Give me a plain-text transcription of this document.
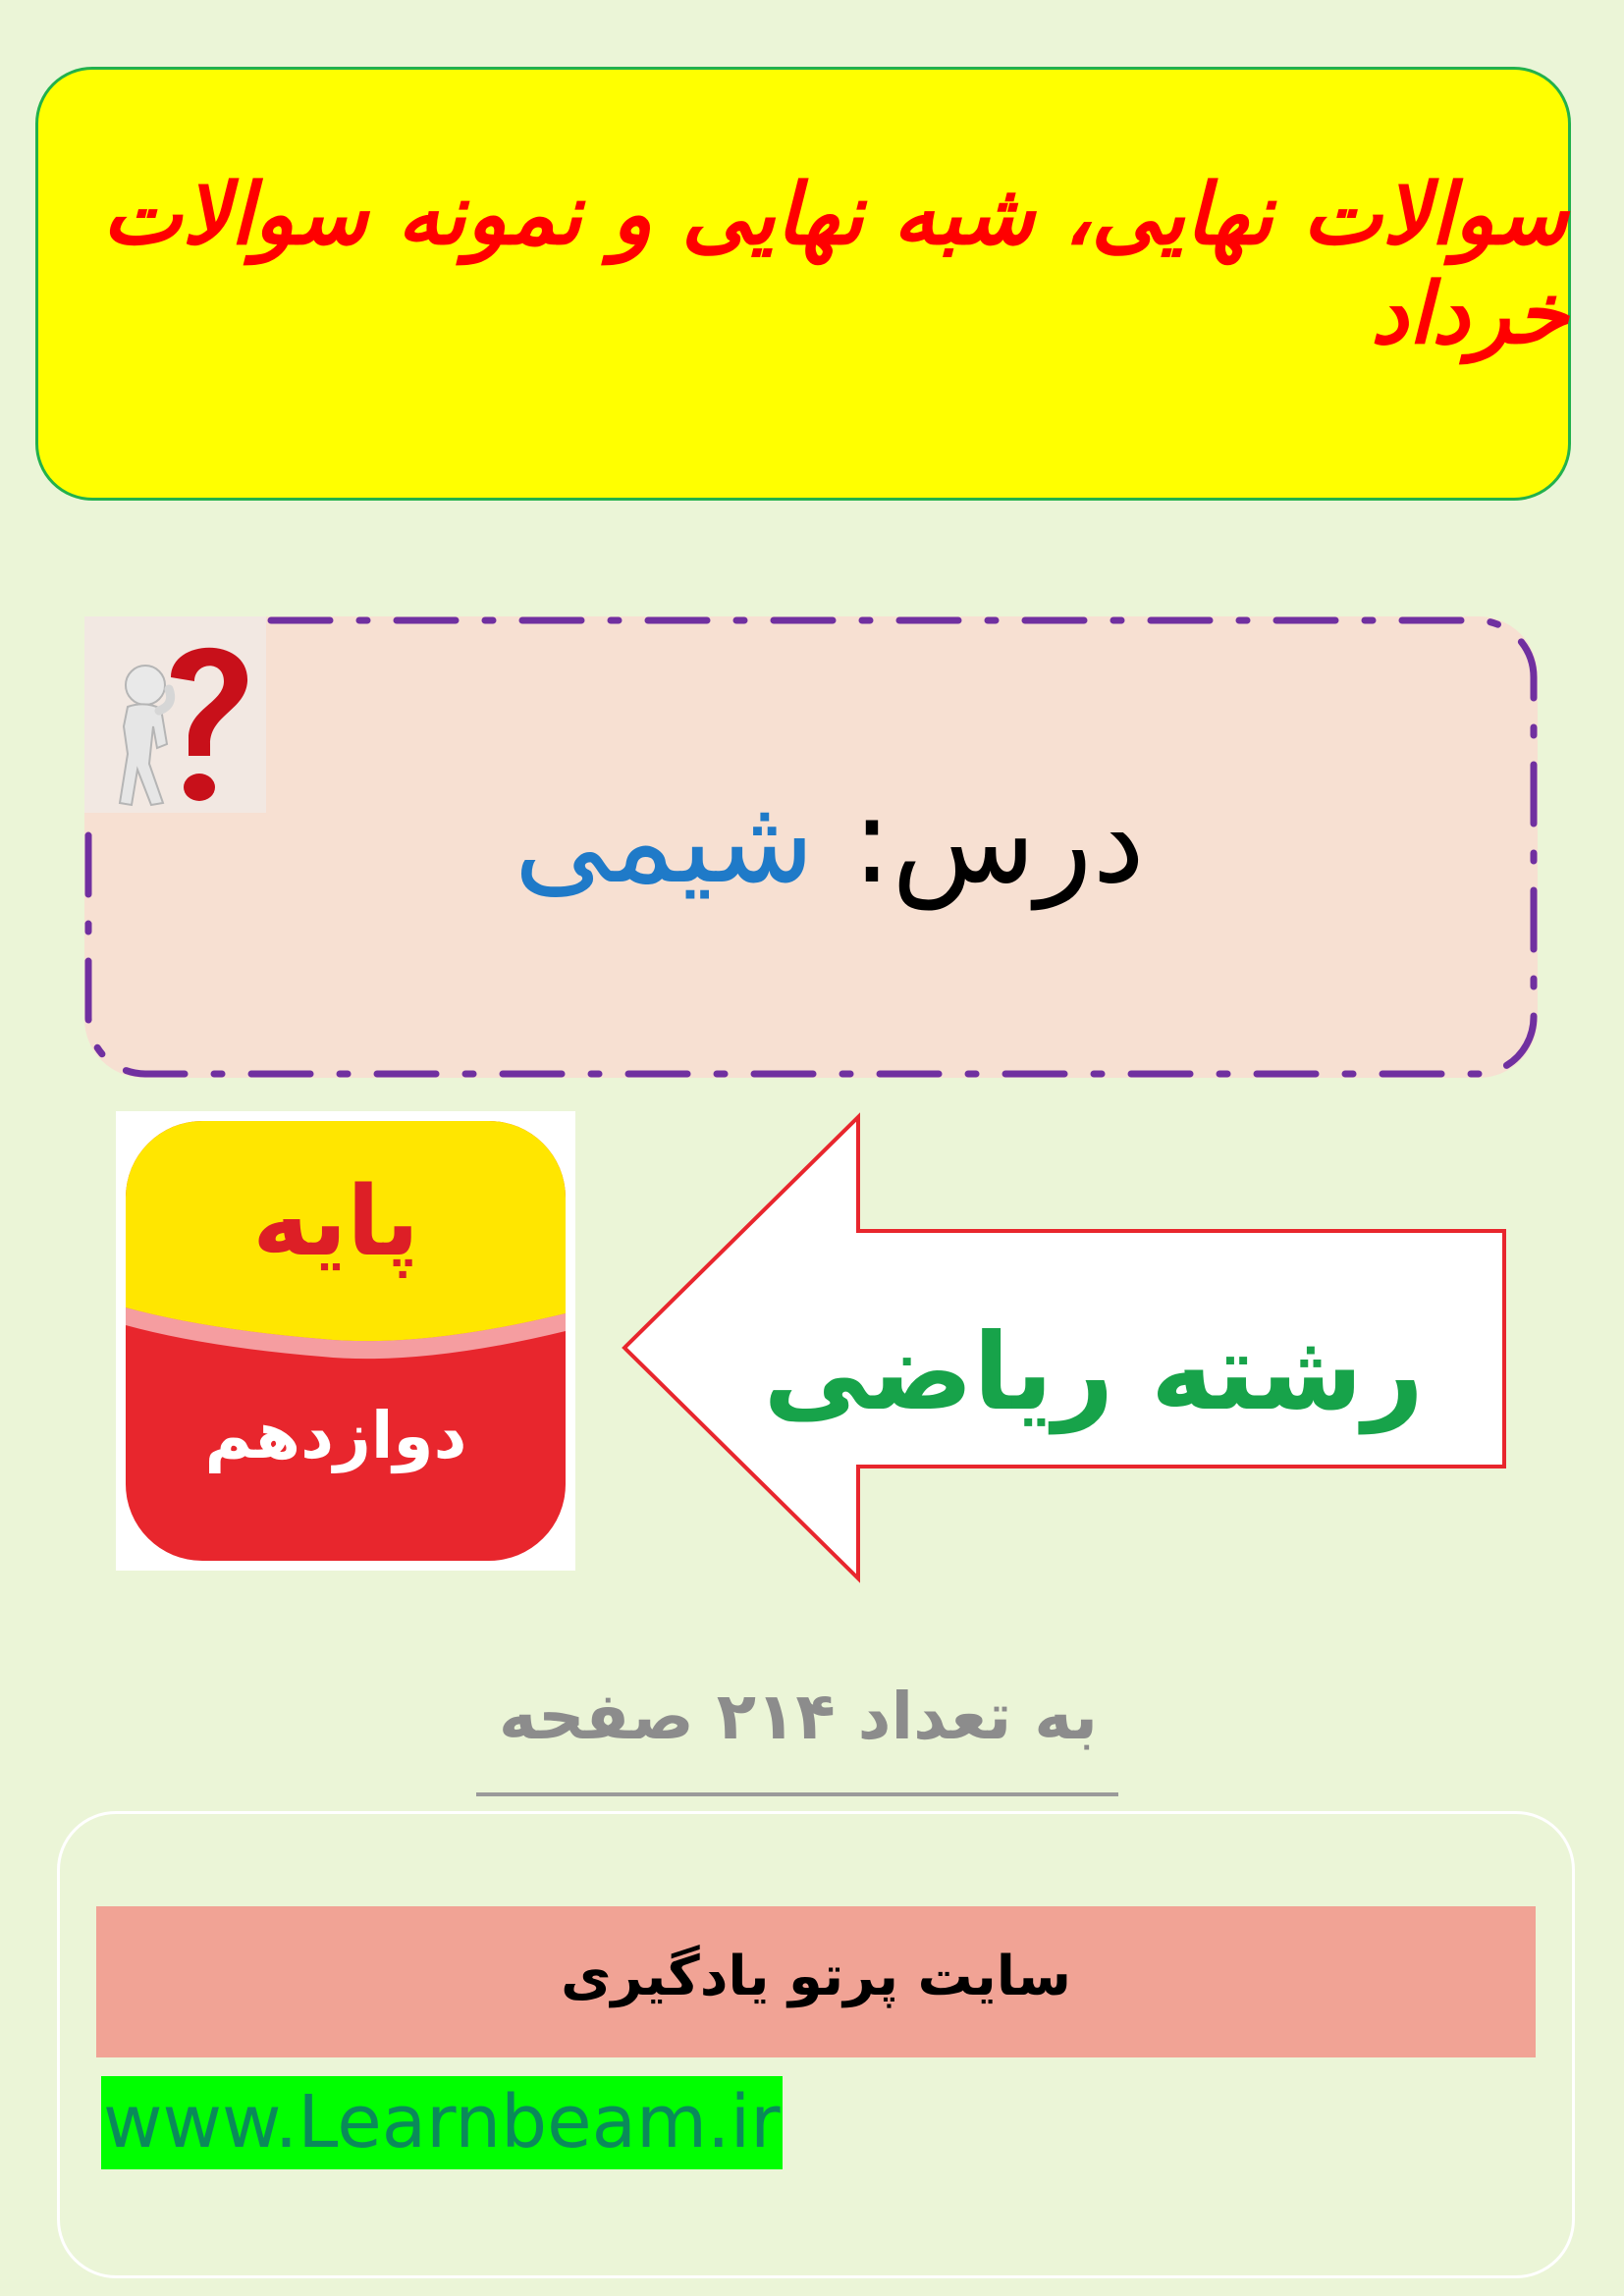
سوالات نهایی، شبه نهایی و نمونه سوالات خرداد
درس: شیمی
پایه
دوازدهم
رشته ریاضی
به تعداد ۲۱۴ صفحه
سایت پرتو یادگیری
www.Learnbeam.ir
